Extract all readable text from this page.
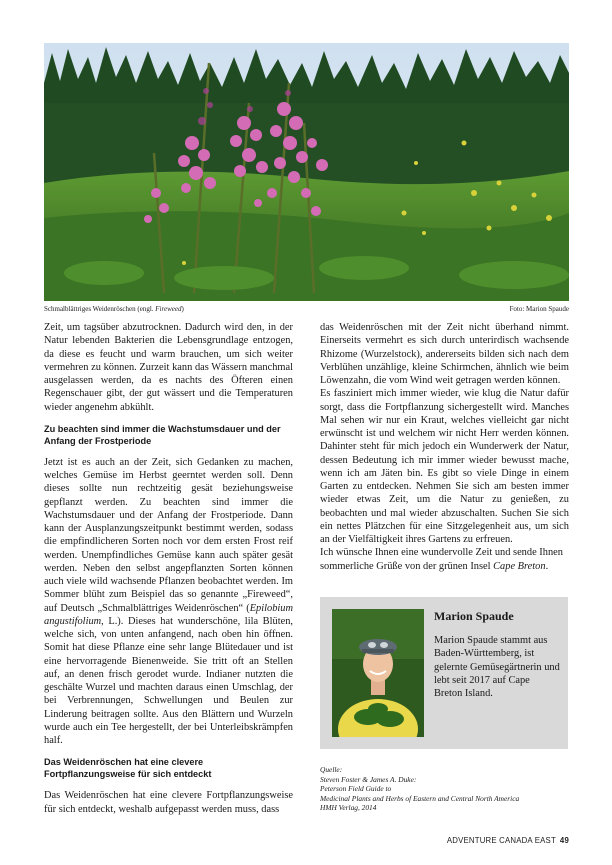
Schmalblättriges Weidenröschen (engl. Fireweed)	Foto: Marion Spaude

Zeit, um tagsüber abzutrocknen. Dadurch wird den, in der Natur lebenden Bakterien die Lebensgrundlage entzogen, da diese es feucht und warm brauchen, um sich weiter vermehren zu können. Zurzeit kann das Wässern manchmal ausgelassen werden, da es nachts des Öfteren einen Regenschauer gibt, der gut wässert und die Temperaturen wieder angenehm abkühlt.

Zu beachten sind immer die Wachstumsdauer und der Anfang der Frostperiode

Jetzt ist es auch an der Zeit, sich Gedanken zu machen, welches Gemüse im Herbst geerntet werden soll. Denn dieses sollte nun rechtzeitig gesät beziehungsweise gepflanzt werden. Zu beachten sind immer die Wachstumsdauer und der Anfang der Frostperiode. Dann kann der Ausplanzungszeitpunkt bestimmt werden, sodass die empfindlicheren Sorten noch vor dem ersten Frost reif werden. Unempfindliches Gemüse kann auch später gesät werden. Neben den selbst angepflanzten Sorten können auch viele wild wachsende Pflanzen beobachtet werden. Im Sommer blüht zum Beispiel das so genannte „Fireweed“, auf Deutsch „Schmalblättriges Weidenröschen“ (Epilobium angustifolium, L.). Dieses hat wunderschöne, lila Blüten, welche sich, von unten anfangend, nach oben hin öffnen. Somit hat diese Pflanze eine sehr lange Blütedauer und ist eine hervorragende Bienenweide. Sie tritt oft an Stellen auf, an denen frisch gerodet wurde. Indianer nutzten die geschälte Wurzel und machten daraus einen Umschlag, der bei Verbrennungen, Schwellungen und Beulen zur Linderung beitragen sollte. Aus den Blättern und Wurzeln wurde auch ein Tee hergestellt, der bei Unterleibskrämpfen half.

Das Weidenröschen hat eine clevere Fortpflanzungsweise für sich entdeckt

Das Weidenröschen hat eine clevere Fortpflanzungsweise für sich entdeckt, weshalb aufgepasst werden muss, dass

das Weidenröschen mit der Zeit nicht überhand nimmt. Einerseits vermehrt es sich durch unterirdisch wachsende Rhizome (Wurzelstock), andererseits bilden sich nach dem Verblühen unzählige, kleine Schirmchen, ähnlich wie beim Löwenzahn, die vom Wind weit getragen werden können.

Es fasziniert mich immer wieder, wie klug die Natur dafür sorgt, dass die Fortpflanzung sichergestellt wird. Manches Mal sehen wir nur ein Kraut, welches vielleicht gar nicht erwünscht ist und welchem wir nicht Herr werden können. Dahinter steht für mich jedoch ein Wunderwerk der Natur, dessen Bedeutung ich mir immer wieder bewusst mache, wenn ich am Jäten bin. Es gibt so viele Dinge in einem Garten zu entdecken. Nehmen Sie sich am besten immer wieder etwas Zeit, um die Natur zu genießen, zu beobachten und mal wieder abzuschalten. Suchen Sie sich ein nettes Plätzchen für eine Sitzgelegenheit aus, um sich an der Vielfältigkeit ihres Gartens zu erfreuen.

Ich wünsche Ihnen eine wundervolle Zeit und sende Ihnen sommerliche Grüße von der grünen Insel Cape Breton.

Marion Spaude
Marion Spaude stammt aus Baden-Württemberg, ist gelernte Gemüsegärtnerin und lebt seit 2017 auf Cape Breton Island.
Quelle:
Steven Foster & James A. Duke:
Peterson Field Guide to
Medicinal Plants and Herbs of Eastern and Central North America
HMH Verlag, 2014
ADVENTURE CANADA EAST 49
